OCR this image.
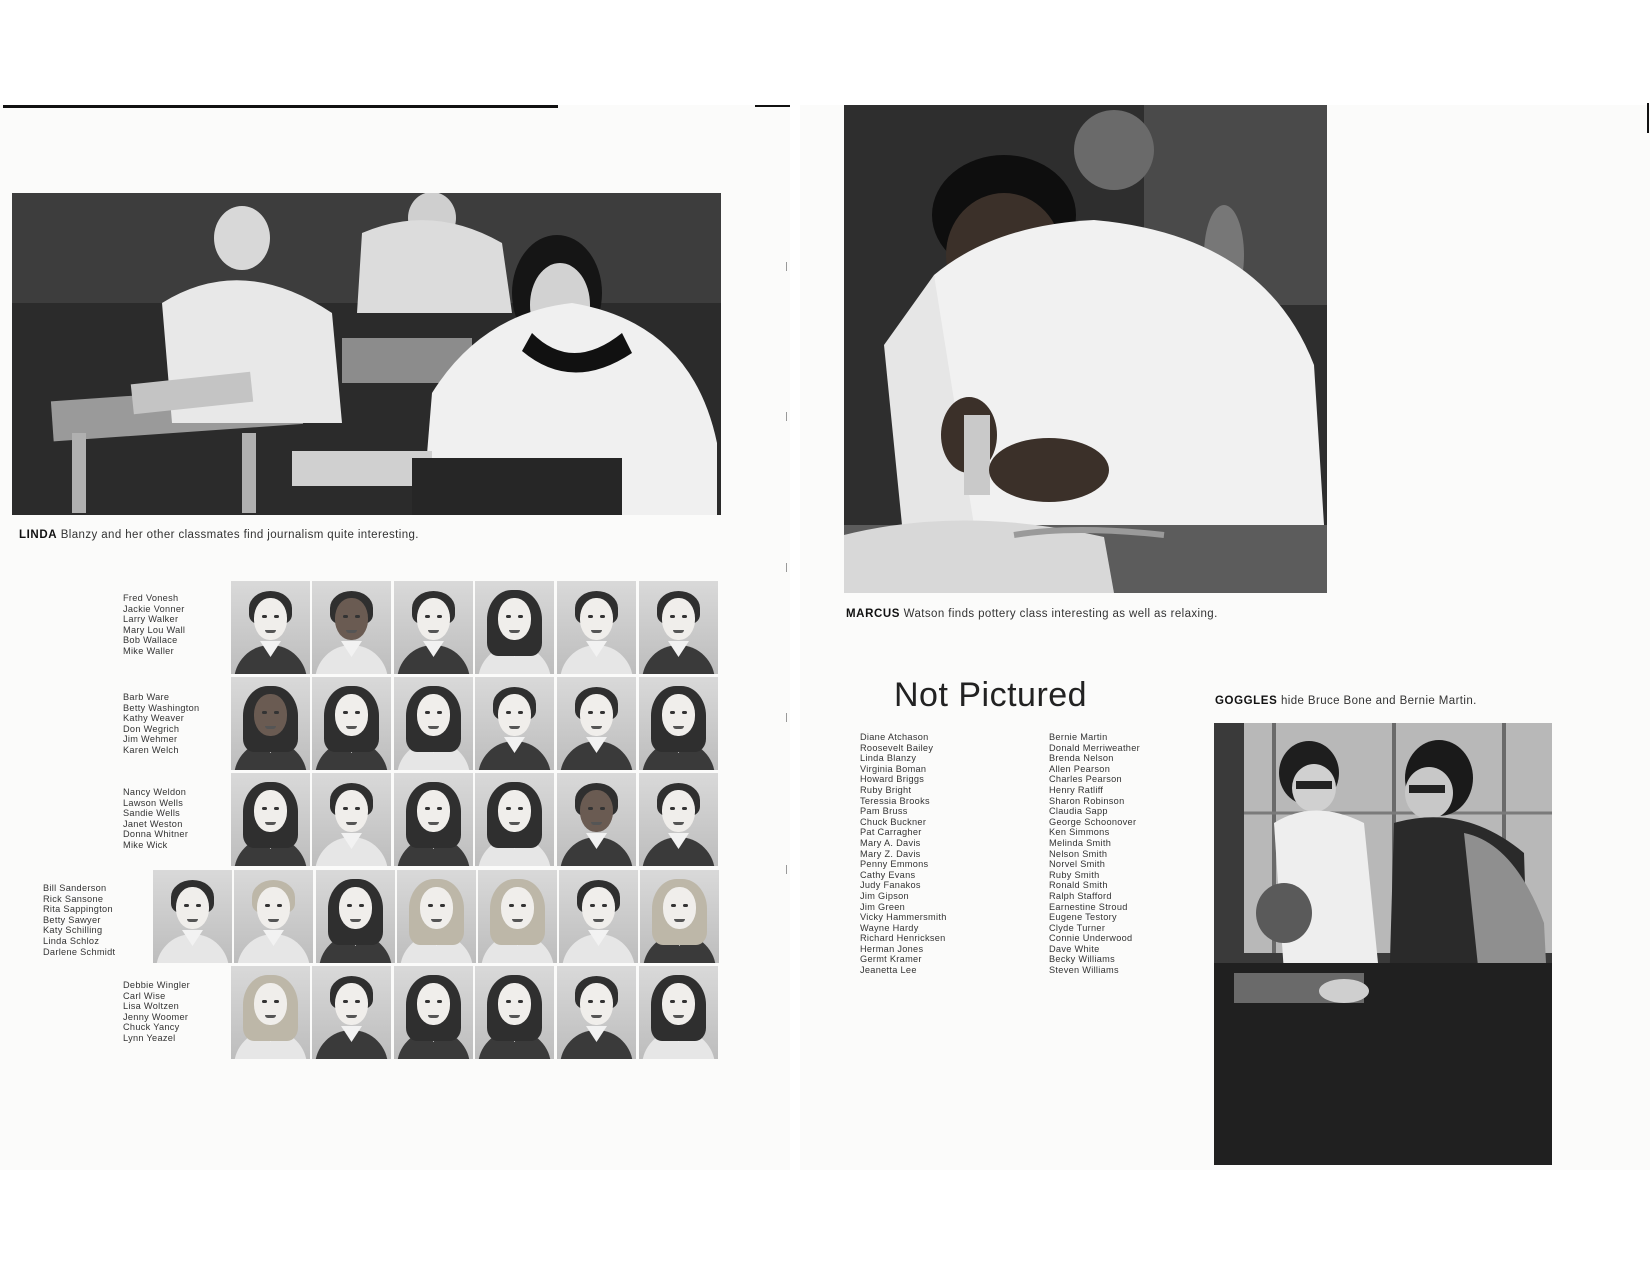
LINDA Blanzy and her other classmates find journalism quite interesting.
Fred Vonesh
Jackie Vonner
Larry Walker
Mary Lou Wall
Bob Wallace
Mike Waller
Barb Ware
Betty Washington
Kathy Weaver
Don Wegrich
Jim Wehmer
Karen Welch
Nancy Weldon
Lawson Wells
Sandie Wells
Janet Weston
Donna Whitner
Mike Wick
Bill Sanderson
Rick Sansone
Rita Sappington
Betty Sawyer
Katy Schilling
Linda Schloz
Darlene Schmidt
Debbie Wingler
Carl Wise
Lisa Woltzen
Jenny Woomer
Chuck Yancy
Lynn Yeazel
MARCUS Watson finds pottery class interesting as well as relaxing.
Not Pictured
Diane Atchason
Roosevelt Bailey
Linda Blanzy
Virginia Boman
Howard Briggs
Ruby Bright
Teressia Brooks
Pam Bruss
Chuck Buckner
Pat Carragher
Mary A. Davis
Mary Z. Davis
Penny Emmons
Cathy Evans
Judy Fanakos
Jim Gipson
Jim Green
Vicky Hammersmith
Wayne Hardy
Richard Henricksen
Herman Jones
Germt Kramer
Jeanetta Lee
Bernie Martin
Donald Merriweather
Brenda Nelson
Allen Pearson
Charles Pearson
Henry Ratliff
Sharon Robinson
Claudia Sapp
George Schoonover
Ken Simmons
Melinda Smith
Nelson Smith
Norvel Smith
Ruby Smith
Ronald Smith
Ralph Stafford
Earnestine Stroud
Eugene Testory
Clyde Turner
Connie Underwood
Dave White
Becky Williams
Steven Williams
GOGGLES hide Bruce Bone and Bernie Martin.
